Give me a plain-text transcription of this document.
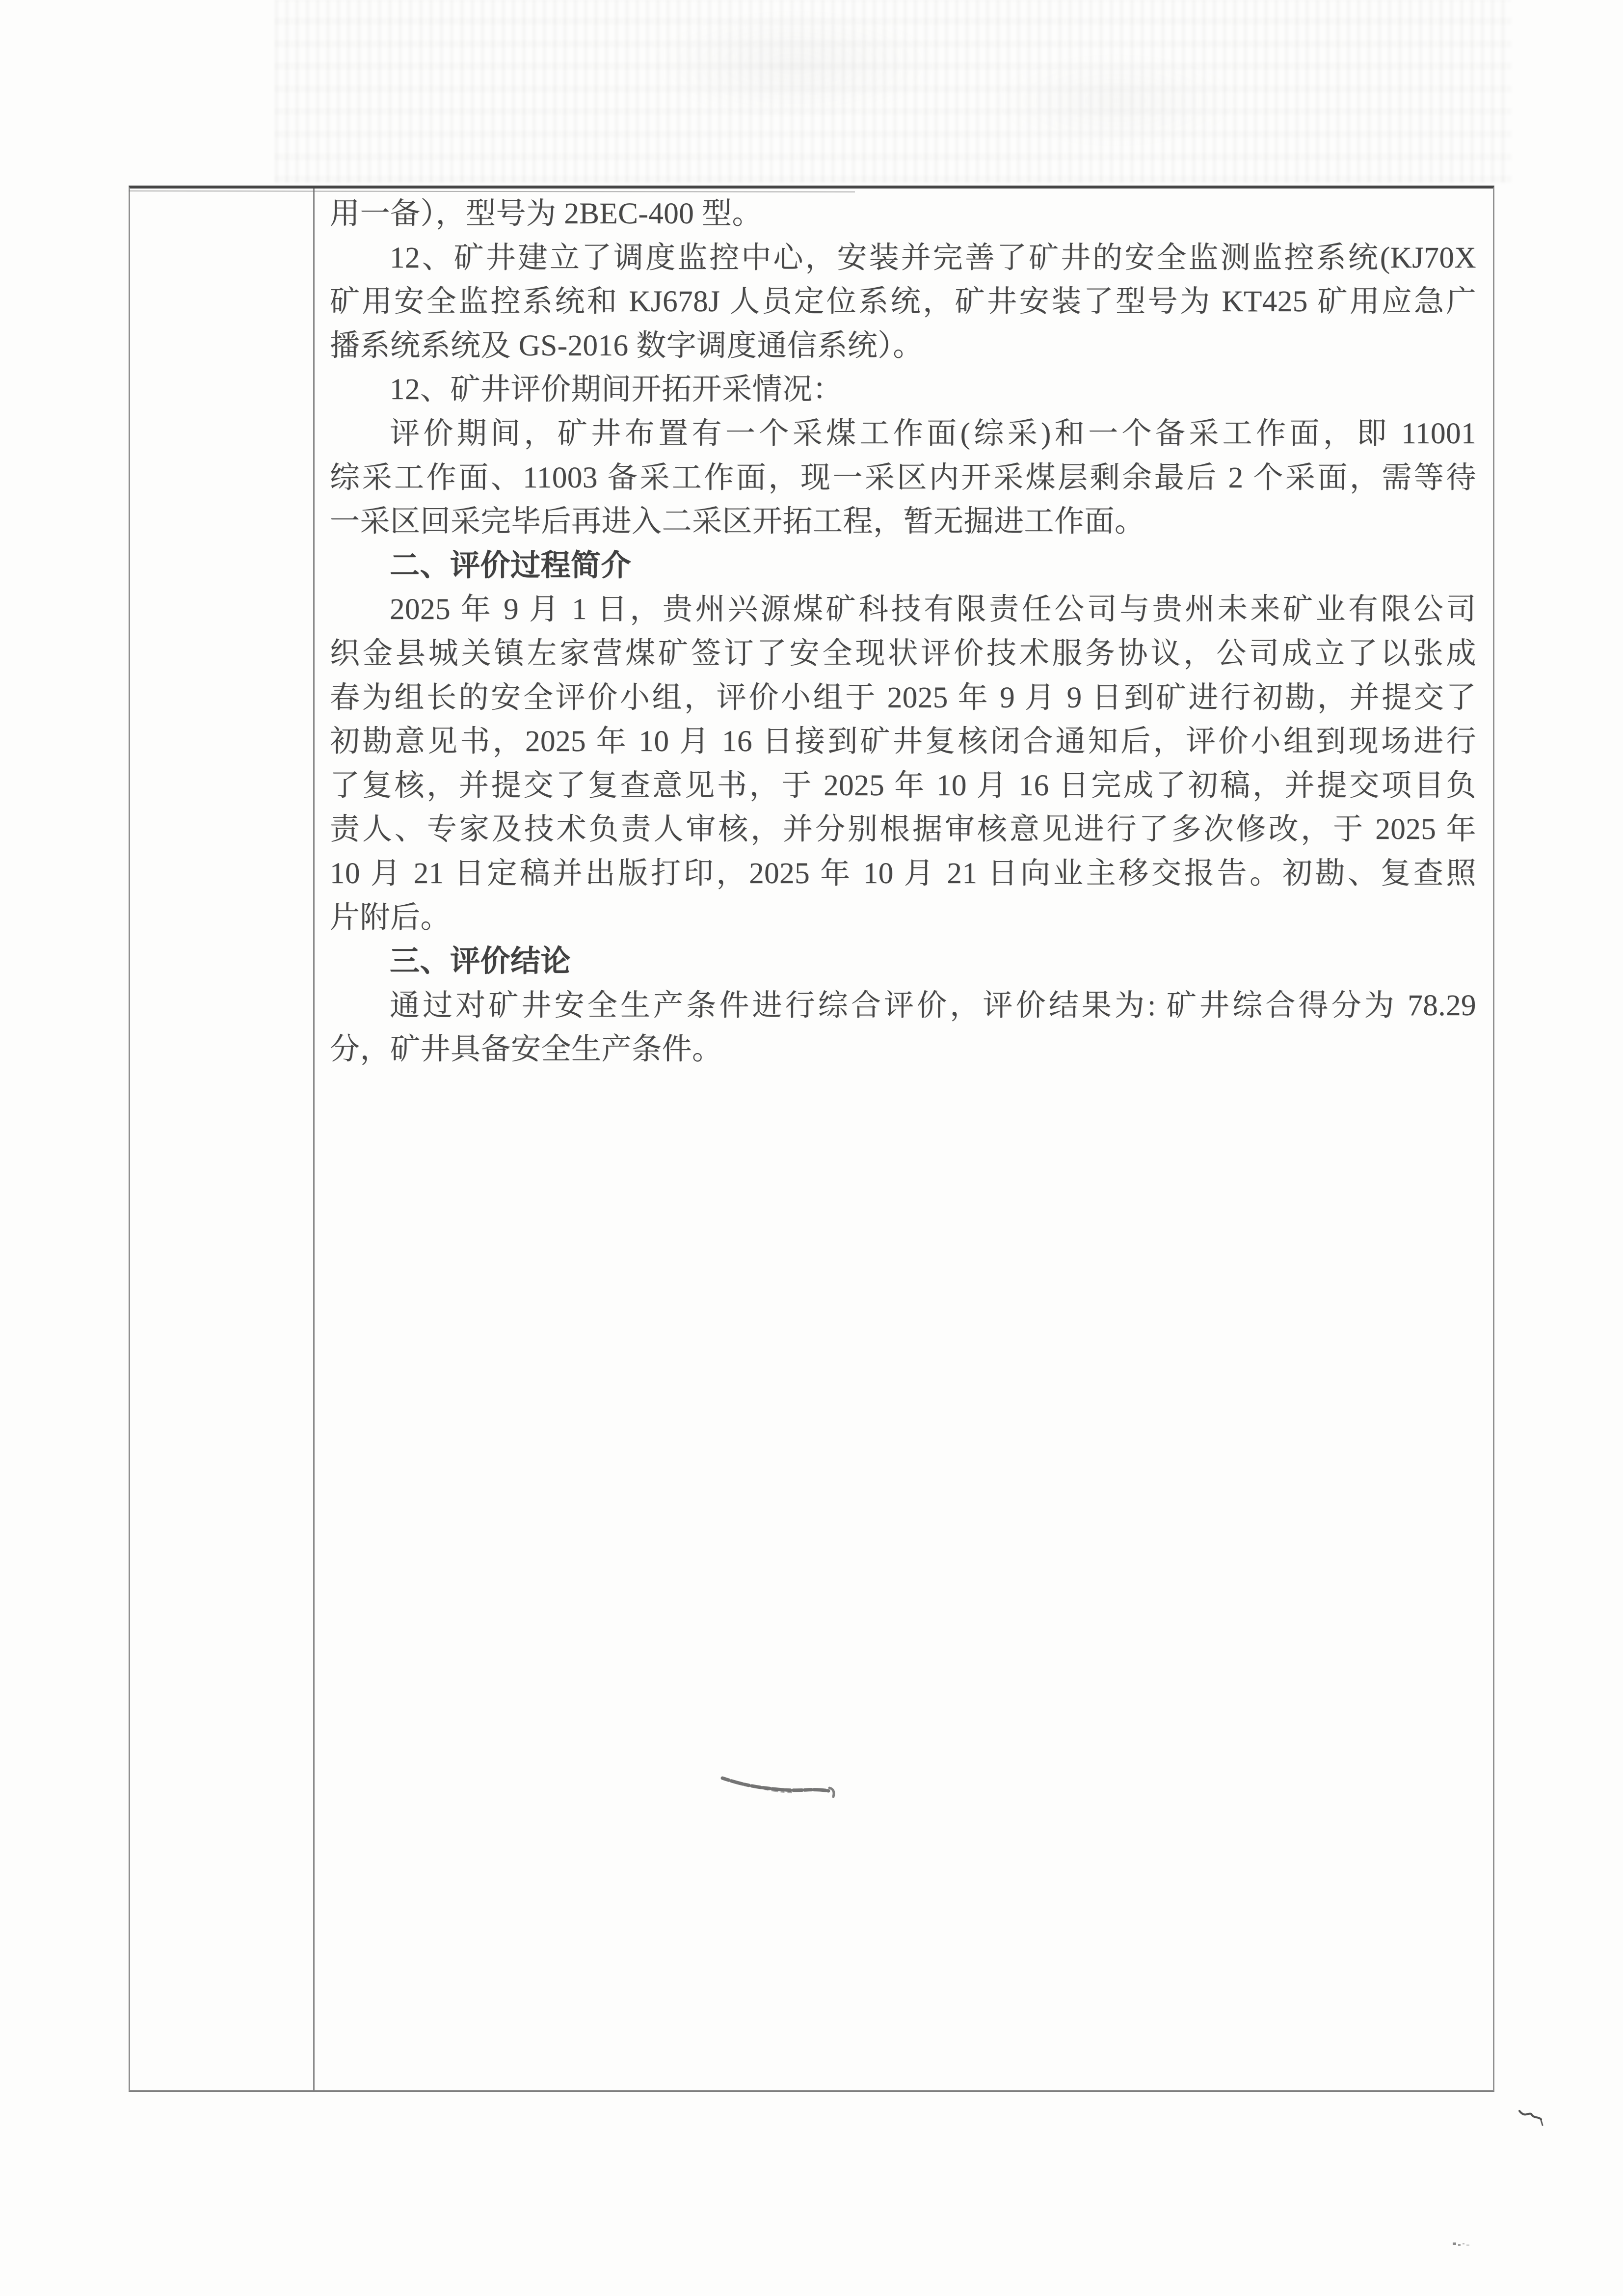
用一备），型号为 2BEC-400 型。
12、矿井建立了调度监控中心，安装并完善了矿井的安全监测监控系统(KJ70X
矿用安全监控系统和 KJ678J 人员定位系统，矿井安装了型号为 KT425 矿用应急广
播系统系统及 GS-2016 数字调度通信系统）。
12、矿井评价期间开拓开采情况：
评价期间，矿井布置有一个采煤工作面(综采)和一个备采工作面，即 11001
综采工作面、11003 备采工作面，现一采区内开采煤层剩余最后 2 个采面，需等待
一采区回采完毕后再进入二采区开拓工程，暂无掘进工作面。
二、评价过程简介
2025 年 9 月 1 日，贵州兴源煤矿科技有限责任公司与贵州未来矿业有限公司
织金县城关镇左家营煤矿签订了安全现状评价技术服务协议，公司成立了以张成
春为组长的安全评价小组，评价小组于 2025 年 9 月 9 日到矿进行初勘，并提交了
初勘意见书，2025 年 10 月 16 日接到矿井复核闭合通知后，评价小组到现场进行
了复核，并提交了复查意见书，于 2025 年 10 月 16 日完成了初稿，并提交项目负
责人、专家及技术负责人审核，并分别根据审核意见进行了多次修改，于 2025 年
10 月 21 日定稿并出版打印，2025 年 10 月 21 日向业主移交报告。初勘、复查照
片附后。
三、评价结论
通过对矿井安全生产条件进行综合评价，评价结果为: 矿井综合得分为 78.29
分，矿井具备安全生产条件。
